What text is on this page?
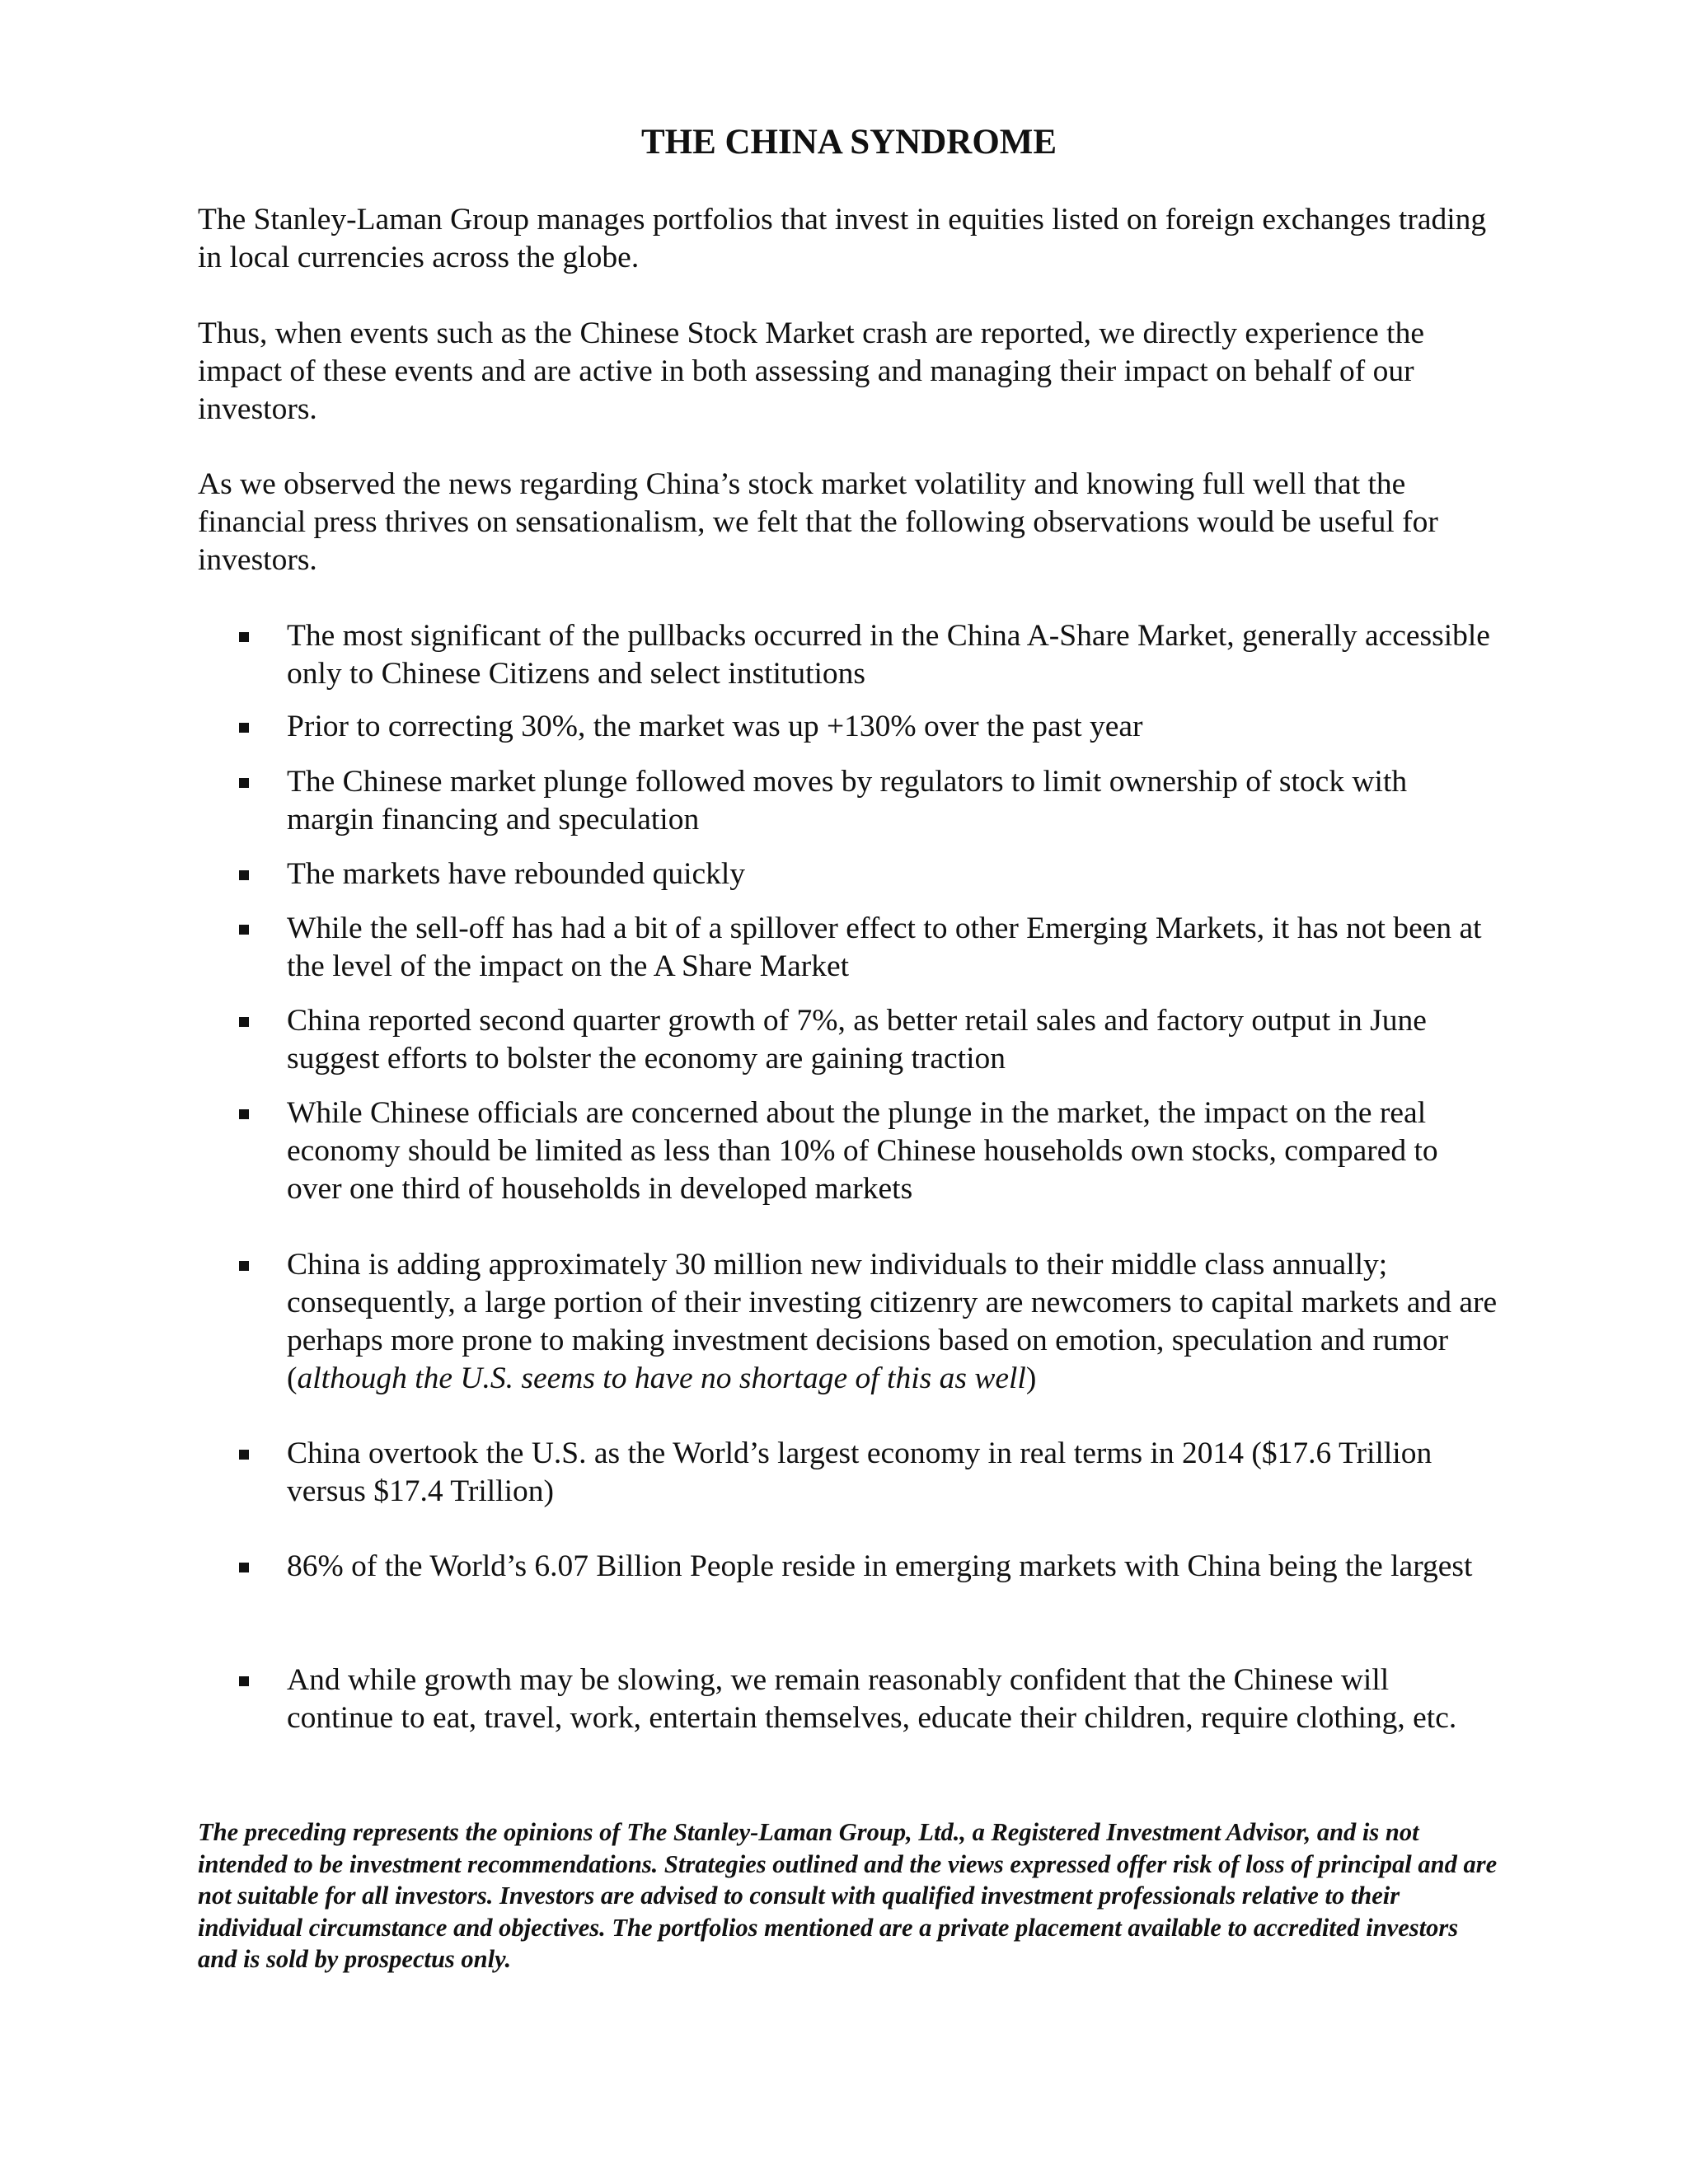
THE CHINA SYNDROME

The Stanley-Laman Group manages portfolios that invest in equities listed on foreign exchanges trading in local currencies across the globe.

Thus, when events such as the Chinese Stock Market crash are reported, we directly experience the impact of these events and are active in both assessing and managing their impact on behalf of our investors.

As we observed the news regarding China’s stock market volatility and knowing full well that the financial press thrives on sensationalism, we felt that the following observations would be useful for investors.

The most significant of the pullbacks occurred in the China A-Share Market, generally accessible only to Chinese Citizens and select institutions
Prior to correcting 30%, the market was up +130% over the past year
The Chinese market plunge followed moves by regulators to limit ownership of stock with margin financing and speculation
The markets have rebounded quickly
While the sell-off has had a bit of a spillover effect to other Emerging Markets, it has not been at the level of the impact on the A Share Market
China reported second quarter growth of 7%, as better retail sales and factory output in June suggest efforts to bolster the economy are gaining traction
While Chinese officials are concerned about the plunge in the market, the impact on the real economy should be limited as less than 10% of Chinese households own stocks, compared to over one third of households in developed markets
China is adding approximately 30 million new individuals to their middle class annually; consequently, a large portion of their investing citizenry are newcomers to capital markets and are perhaps more prone to making investment decisions based on emotion, speculation and rumor (although the U.S. seems to have no shortage of this as well)
China overtook the U.S. as the World’s largest economy in real terms in 2014 ($17.6 Trillion versus $17.4 Trillion)
86% of the World’s 6.07 Billion People reside in emerging markets with China being the largest
And while growth may be slowing, we remain reasonably confident that the Chinese will continue to eat, travel, work, entertain themselves, educate their children, require clothing, etc.

The preceding represents the opinions of The Stanley-Laman Group, Ltd., a Registered Investment Advisor, and is not intended to be investment recommendations. Strategies outlined and the views expressed offer risk of loss of principal and are not suitable for all investors. Investors are advised to consult with qualified investment professionals relative to their individual circumstance and objectives. The portfolios mentioned are a private placement available to accredited investors and is sold by prospectus only.
